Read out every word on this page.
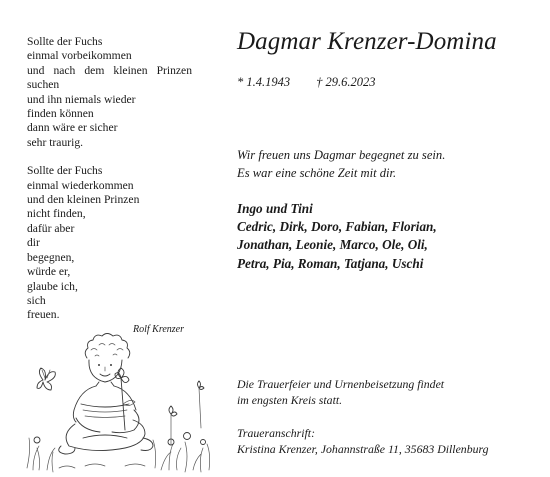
Sollte der Fuchs
einmal vorbeikommen
und nach dem kleinen Prinzen
suchen
und ihn niemals wieder
finden können
dann wäre er sicher
sehr traurig.
Sollte der Fuchs
einmal wiederkommen
und den kleinen Prinzen
nicht finden,
dafür aber
dir
begegnen,
würde er,
glaube ich,
sich
freuen.
Rolf Krenzer
Dagmar Krenzer-Domina
* 1.4.1943 † 29.6.2023
Wir freuen uns Dagmar begegnet zu sein.
Es war eine schöne Zeit mit dir.
Ingo und Tini
Cedric, Dirk, Doro, Fabian, Florian,
Jonathan, Leonie, Marco, Ole, Oli,
Petra, Pia, Roman, Tatjana, Uschi
Die Trauerfeier und Urnenbeisetzung findet
im engsten Kreis statt.
Traueranschrift:
Kristina Krenzer, Johannstraße 11, 35683 Dillenburg
